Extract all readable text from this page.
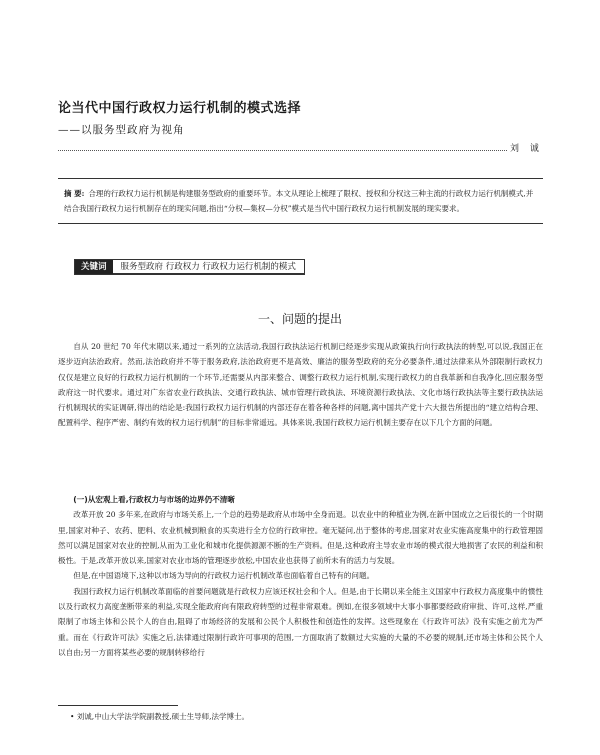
论当代中国行政权力运行机制的模式选择
——以服务型政府为视角
刘 诚
摘 要: 合理的行政权力运行机制是构建服务型政府的重要环节。本文从理论上梳理了限权、授权和分权这三种主流的行政权力运行机制模式,并结合我国行政权力运行机制存在的现实问题,指出“分权—集权—分权”模式是当代中国行政权力运行机制发展的现实要求。
关键词	服务型政府 行政权力 行政权力运行机制的模式
一、问题的提出

自从 20 世纪 70 年代末期以来,通过一系列的立法活动,我国行政执法运行机制已经逐步实现从政策执行向行政执法的转型,可以说,我国正在逐步迈向法治政府。然而,法治政府并不等于服务政府,法治政府更不是高效、廉洁的服务型政府的充分必要条件,通过法律来从外部限制行政权力仅仅是建立良好的行政权力运行机制的一个环节,还需要从内部来整合、调整行政权力运行机制,实现行政权力的自我革新和自我净化,回应服务型政府这一时代要求。通过对广东省农业行政执法、交通行政执法、城市管理行政执法、环境资源行政执法、文化市场行政执法等主要行政执法运行机制现状的实证调研,得出的结论是:我国行政权力运行机制的内部还存在着各种各样的问题,离中国共产党十六大报告所提出的“建立结构合理、配置科学、程序严密、制约有效的权力运行机制”的目标非常遥远。具体来说,我国行政权力运行机制主要存在以下几个方面的问题。

(一)从宏观上看,行政权力与市场的边界仍不清晰

改革开放 20 多年来,在政府与市场关系上,一个总的趋势是政府从市场中全身而退。以农业中的种植业为例,在新中国成立之后很长的一个时期里,国家对种子、农药、肥料、农业机械到粮食的买卖进行全方位的行政审控。毫无疑问,出于整体的考虑,国家对农业实施高度集中的行政管理固然可以满足国家对农业的控制,从而为工业化和城市化提供源源不断的生产资料。但是,这种政府主导农业市场的模式很大地损害了农民的利益和积极性。于是,改革开放以来,国家对农业市场的管理逐步放松,中国农业也获得了前所未有的活力与发展。

但是,在中国语境下,这种以市场为导向的行政权力运行机制改革也面临着自己特有的问题。

我国行政权力运行机制改革面临的首要问题就是行政权力应该还权社会和个人。但是,由于长期以来全能主义国家中行政权力高度集中的惯性以及行政权力高度垄断带来的利益,实现全能政府向有限政府转型的过程非常艰难。例如,在很多领域中大事小事都要经政府审批、许可,这样,严重限制了市场主体和公民个人的自由,阻碍了市场经济的发展和公民个人积极性和创造性的发挥。这些现象在《行政许可法》没有实施之前尤为严重。而在《行政许可法》实施之后,法律通过限制行政许可事项的范围,一方面取消了数额过大实施的大量的不必要的规制,还市场主体和公民个人以自由;另一方面将某些必要的规制转移给行

• 刘诚,中山大学法学院副教授,硕士生导师,法学博士。
